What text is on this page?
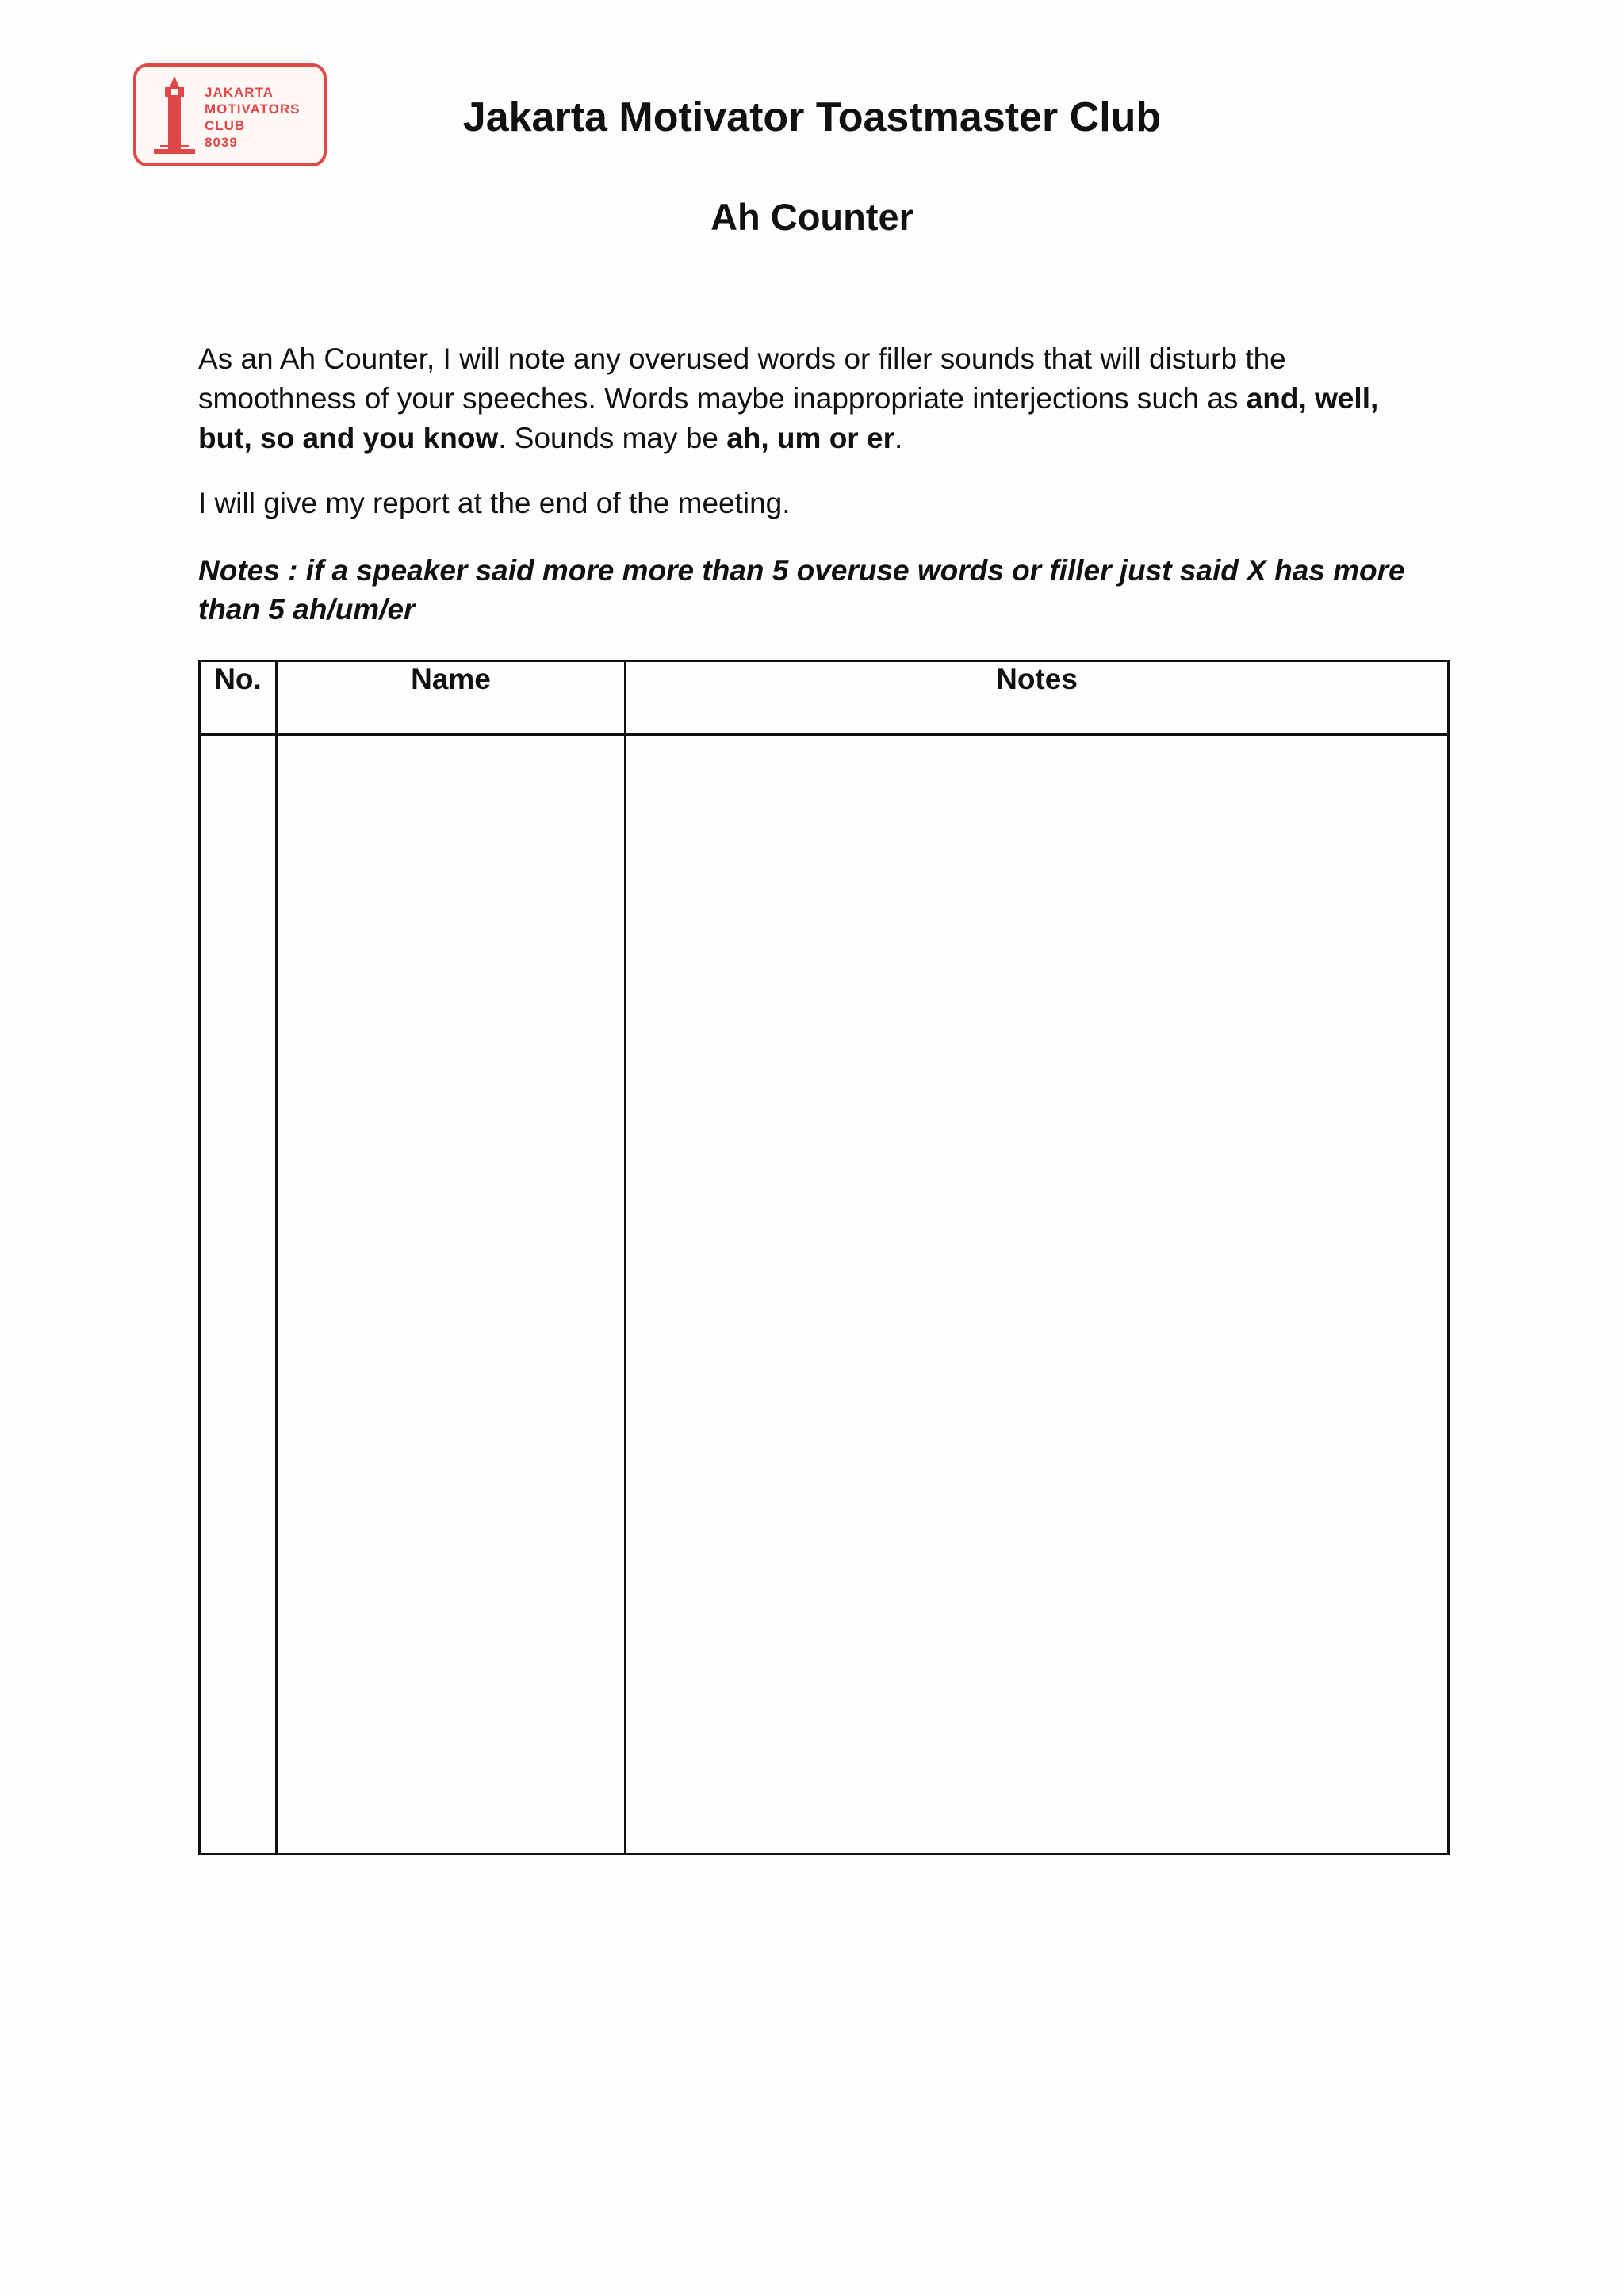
JAKARTA
MOTIVATORS
CLUB
8039
Jakarta Motivator Toastmaster Club
Ah Counter
As an Ah Counter, I will note any overused words or filler sounds that will disturb the smoothness of your speeches. Words maybe inappropriate interjections such as and, well, but, so and you know. Sounds may be ah, um or er.
I will give my report at the end of the meeting.
Notes : if a speaker said more more than 5 overuse words or filler just said X has more than 5 ah/um/er
No.	Name	Notes
